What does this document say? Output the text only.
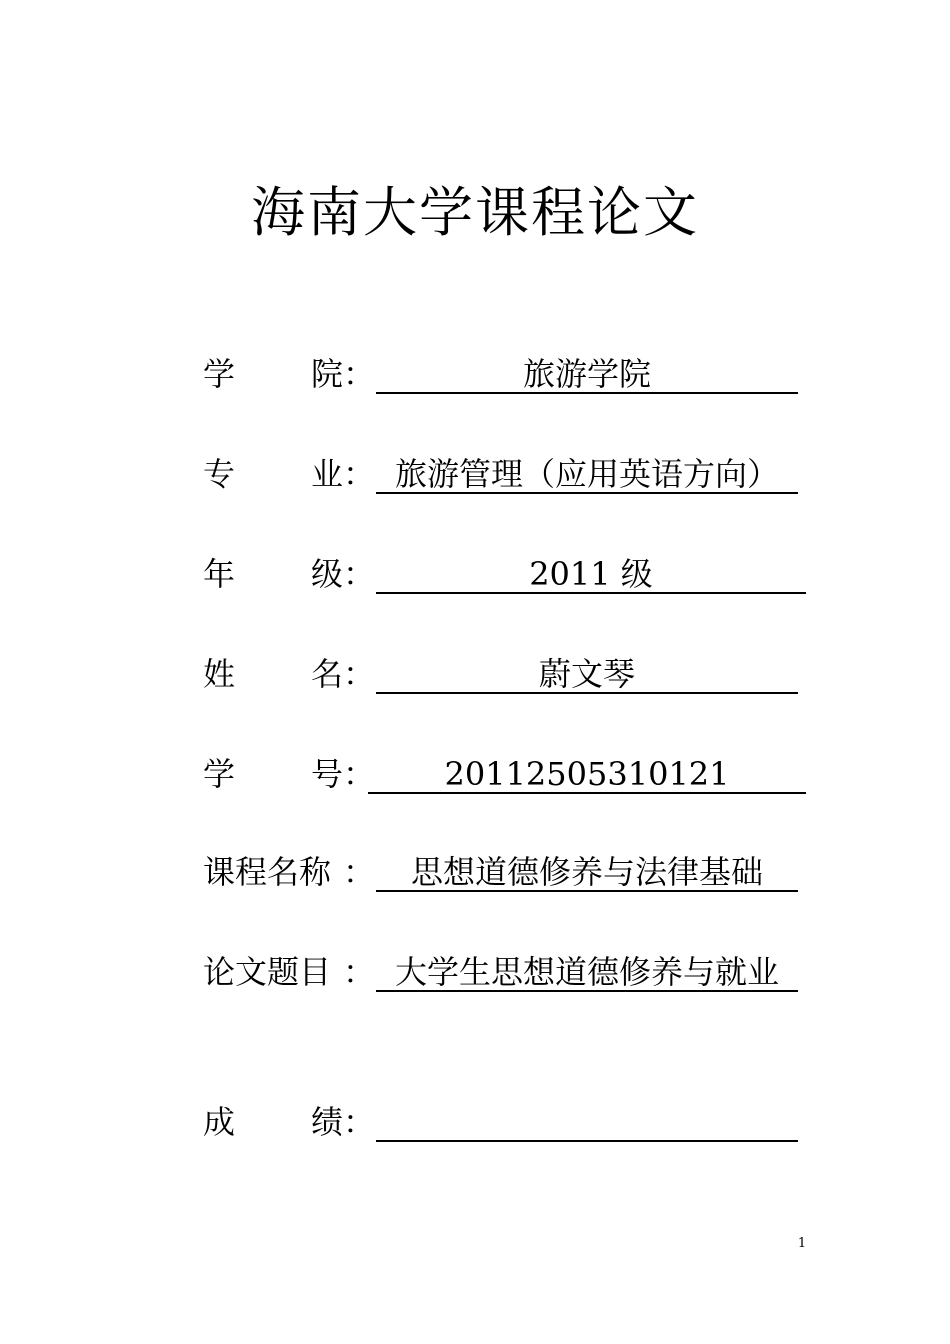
海南大学课程论文
学 院 ：	旅游学院
专 业 ： 旅游管理（应用英语方向）
年 级 ：	2011 级
姓 名 ：	蔚文琴
学 号 ：	20112505310121
课程名称 ：	思想道德修养与法律基础
论文题目 ： 大学生思想道德修养与就业
成 绩 ：
1
